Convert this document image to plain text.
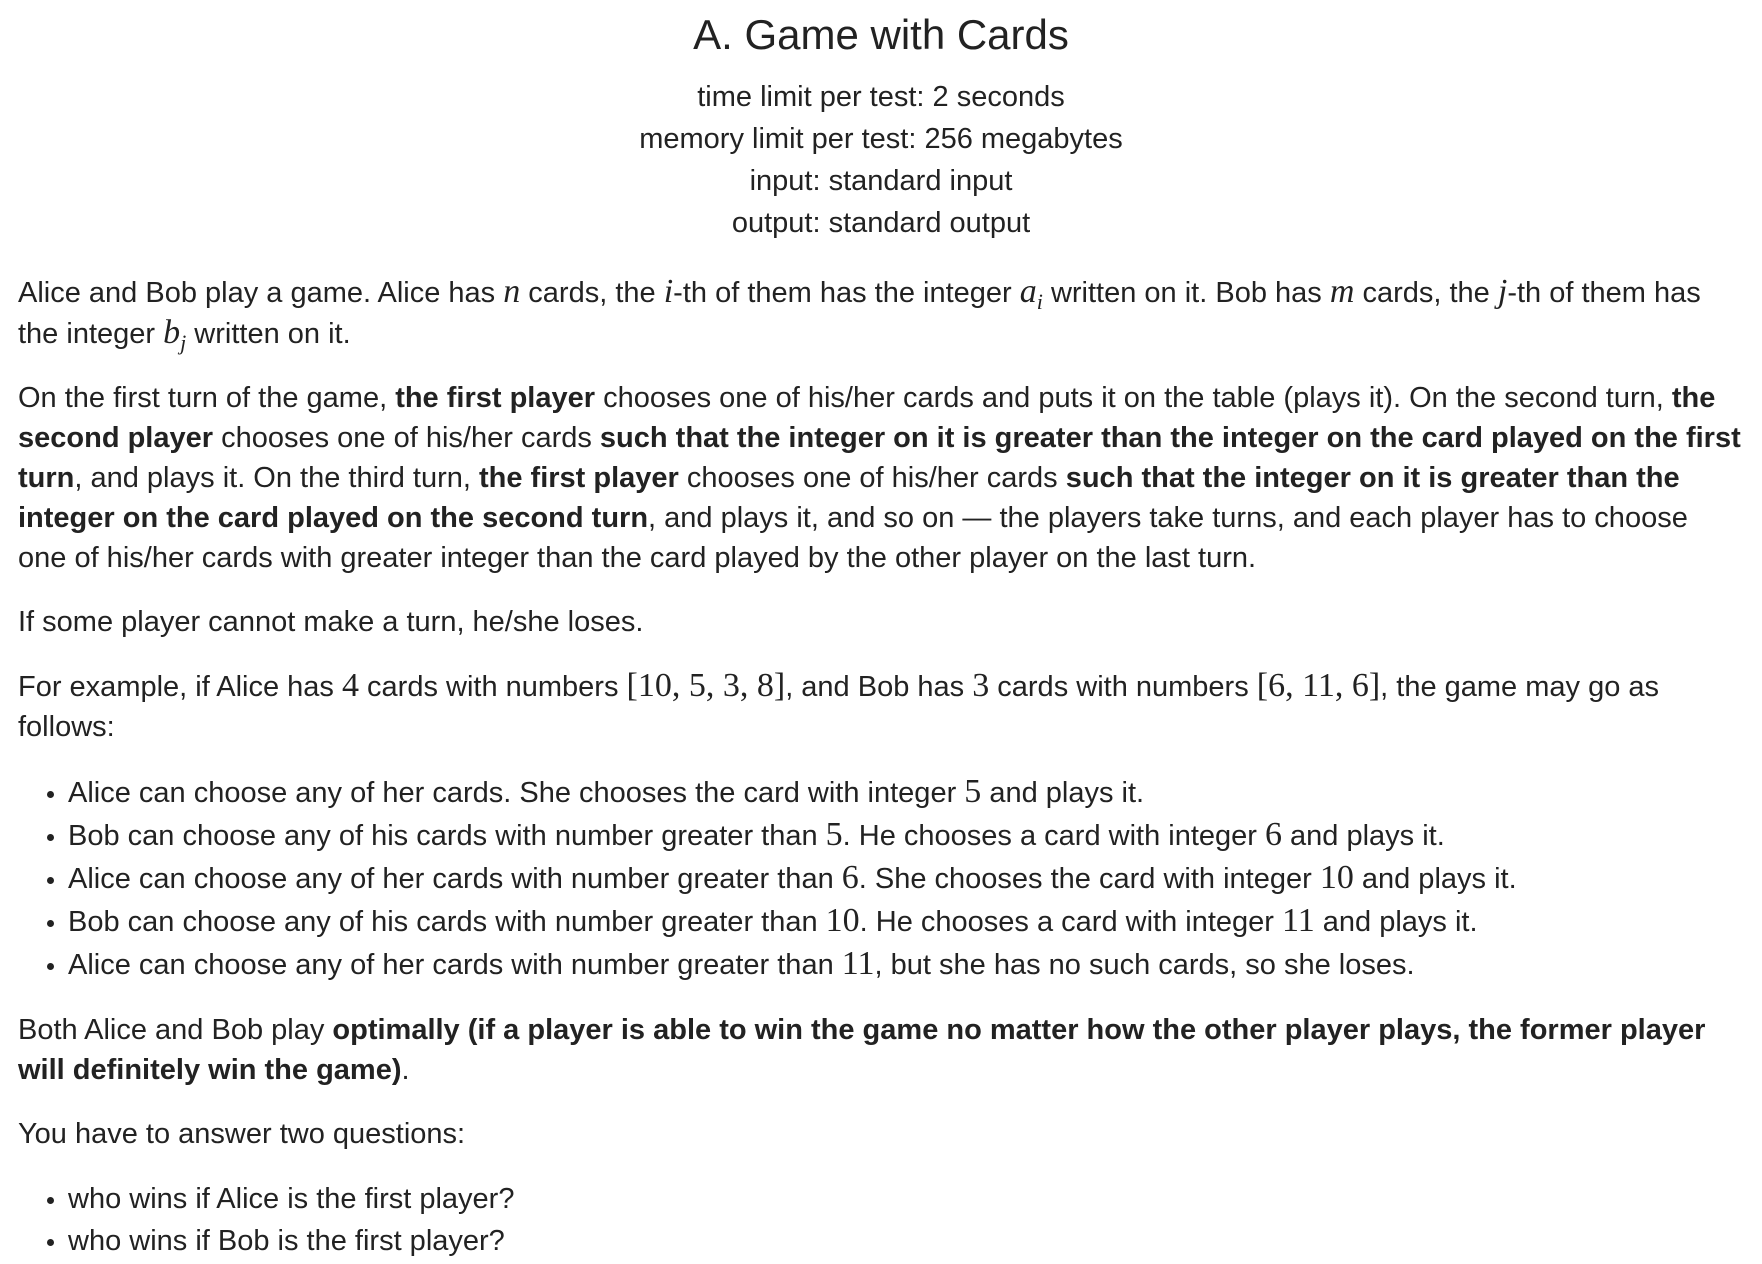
A. Game with Cards
time limit per test: 2 seconds
memory limit per test: 256 megabytes
input: standard input
output: standard output

Alice and Bob play a game. Alice has n cards, the i-th of them has the integer $a_i$ written on it. Bob has m cards, the j-th of them has the integer $b_j$ written on it.

On the first turn of the game, the first player chooses one of his/her cards and puts it on the table (plays it). On the second turn, the second player chooses one of his/her cards such that the integer on it is greater than the integer on the card played on the first turn, and plays it. On the third turn, the first player chooses one of his/her cards such that the integer on it is greater than the integer on the card played on the second turn, and plays it, and so on — the players take turns, and each player has to choose one of his/her cards with greater integer than the card played by the other player on the last turn.

If some player cannot make a turn, he/she loses.

For example, if Alice has 4 cards with numbers [10, 5, 3, 8], and Bob has 3 cards with numbers [6, 11, 6], the game may go as follows:

• Alice can choose any of her cards. She chooses the card with integer 5 and plays it.
• Bob can choose any of his cards with number greater than 5. He chooses a card with integer 6 and plays it.
• Alice can choose any of her cards with number greater than 6. She chooses the card with integer 10 and plays it.
• Bob can choose any of his cards with number greater than 10. He chooses a card with integer 11 and plays it.
• Alice can choose any of her cards with number greater than 11, but she has no such cards, so she loses.

Both Alice and Bob play optimally (if a player is able to win the game no matter how the other player plays, the former player will definitely win the game).

You have to answer two questions:

• who wins if Alice is the first player?
• who wins if Bob is the first player?
